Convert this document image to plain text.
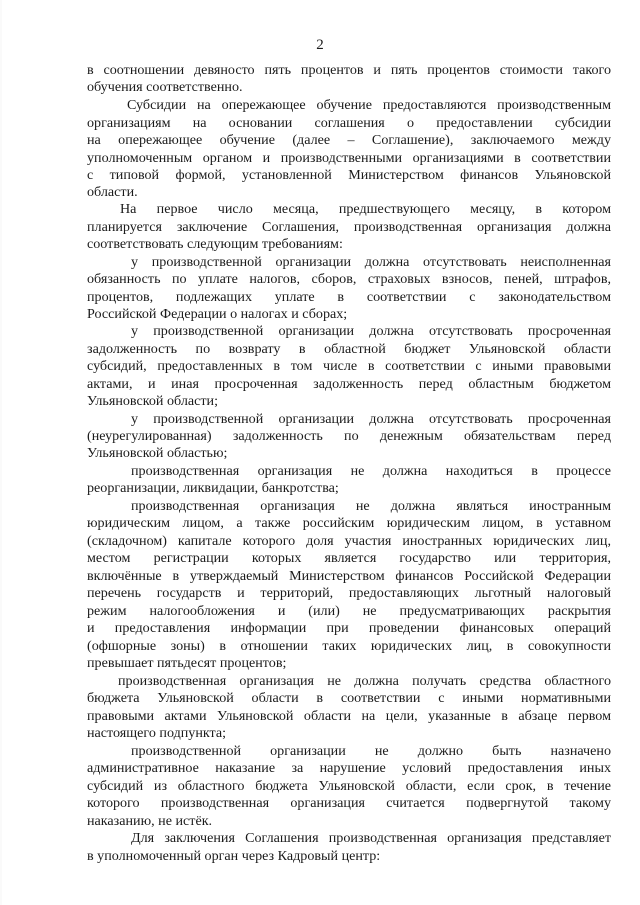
2
в соотношении девяносто пять процентов и пять процентов стоимости такого
обучения соответственно.
Субсидии на опережающее обучение предоставляются производственным
организациям на основании соглашения о предоставлении субсидии
на опережающее обучение (далее – Соглашение), заключаемого между
уполномоченным органом и производственными организациями в соответствии
с типовой формой, установленной Министерством финансов Ульяновской
области.
На первое число месяца, предшествующего месяцу, в котором
планируется заключение Соглашения, производственная организация должна
соответствовать следующим требованиям:
у производственной организации должна отсутствовать неисполненная
обязанность по уплате налогов, сборов, страховых взносов, пеней, штрафов,
процентов, подлежащих уплате в соответствии с законодательством
Российской Федерации о налогах и сборах;
у производственной организации должна отсутствовать просроченная
задолженность по возврату в областной бюджет Ульяновской области
субсидий, предоставленных в том числе в соответствии с иными правовыми
актами, и иная просроченная задолженность перед областным бюджетом
Ульяновской области;
у производственной организации должна отсутствовать просроченная
(неурегулированная) задолженность по денежным обязательствам перед
Ульяновской областью;
производственная организация не должна находиться в процессе
реорганизации, ликвидации, банкротства;
производственная организация не должна являться иностранным
юридическим лицом, а также российским юридическим лицом, в уставном
(складочном) капитале которого доля участия иностранных юридических лиц,
местом регистрации которых является государство или территория,
включённые в утверждаемый Министерством финансов Российской Федерации
перечень государств и территорий, предоставляющих льготный налоговый
режим налогообложения и (или) не предусматривающих раскрытия
и предоставления информации при проведении финансовых операций
(офшорные зоны) в отношении таких юридических лиц, в совокупности
превышает пятьдесят процентов;
производственная организация не должна получать средства областного
бюджета Ульяновской области в соответствии с иными нормативными
правовыми актами Ульяновской области на цели, указанные в абзаце первом
настоящего подпункта;
производственной организации не должно быть назначено
административное наказание за нарушение условий предоставления иных
субсидий из областного бюджета Ульяновской области, если срок, в течение
которого производственная организация считается подвергнутой такому
наказанию, не истёк.
Для заключения Соглашения производственная организация представляет
в уполномоченный орган через Кадровый центр:
